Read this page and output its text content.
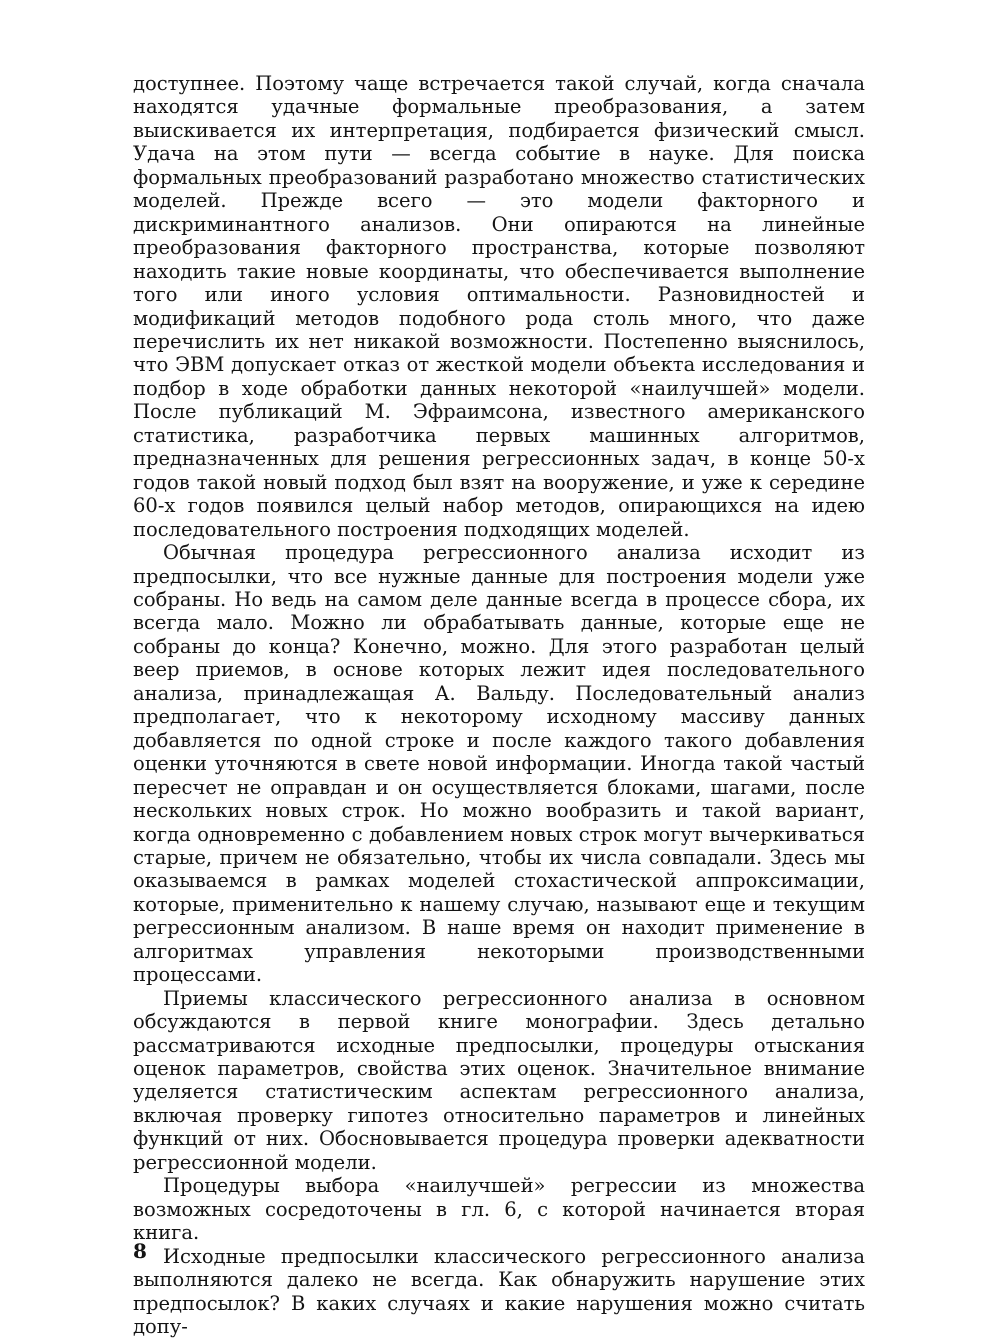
доступнее. Поэтому чаще встречается такой случай, когда сначала находятся удачные формальные преобразования, а затем выискивается их интерпретация, подбирается физический смысл. Удача на этом пути — всегда событие в науке. Для поиска формальных преобразований разработано множество статистических моделей. Прежде всего — это модели факторного и дискриминантного анализов. Они опираются на линейные преобразования факторного пространства, которые позволяют находить такие новые координаты, что обеспечивается выполнение того или иного условия оптимальности. Разновидностей и модификаций методов подобного рода столь много, что даже перечислить их нет никакой возможности. Постепенно выяснилось, что ЭВМ допускает отказ от жесткой модели объекта исследования и подбор в ходе обработки данных некоторой «наилучшей» модели. После публикаций М. Эфраимсона, известного американского статистика, разработчика первых машинных алгоритмов, предназначенных для решения регрессионных задач, в конце 50-х годов такой новый подход был взят на вооружение, и уже к середине 60-х годов появился целый набор методов, опирающихся на идею последовательного построения подходящих моделей.

Обычная процедура регрессионного анализа исходит из предпосылки, что все нужные данные для построения модели уже собраны. Но ведь на самом деле данные всегда в процессе сбора, их всегда мало. Можно ли обрабатывать данные, которые еще не собраны до конца? Конечно, можно. Для этого разработан целый веер приемов, в основе которых лежит идея последовательного анализа, принадлежащая А. Вальду. Последовательный анализ предполагает, что к некоторому исходному массиву данных добавляется по одной строке и после каждого такого добавления оценки уточняются в свете новой информации. Иногда такой частый пересчет не оправдан и он осуществляется блоками, шагами, после нескольких новых строк. Но можно вообразить и такой вариант, когда одновременно с добавлением новых строк могут вычеркиваться старые, причем не обязательно, чтобы их числа совпадали. Здесь мы оказываемся в рамках моделей стохастической аппроксимации, которые, применительно к нашему случаю, называют еще и текущим регрессионным анализом. В наше время он находит применение в алгоритмах управления некоторыми производственными процессами.

Приемы классического регрессионного анализа в основном обсуждаются в первой книге монографии. Здесь детально рассматриваются исходные предпосылки, процедуры отыскания оценок параметров, свойства этих оценок. Значительное внимание уделяется статистическим аспектам регрессионного анализа, включая проверку гипотез относительно параметров и линейных функций от них. Обосновывается процедура проверки адекватности регрессионной модели.

Процедуры выбора «наилучшей» регрессии из множества возможных сосредоточены в гл. 6, с которой начинается вторая книга.

Исходные предпосылки классического регрессионного анализа выполняются далеко не всегда. Как обнаружить нарушение этих предпосылок? В каких случаях и какие нарушения можно считать допу-

8
